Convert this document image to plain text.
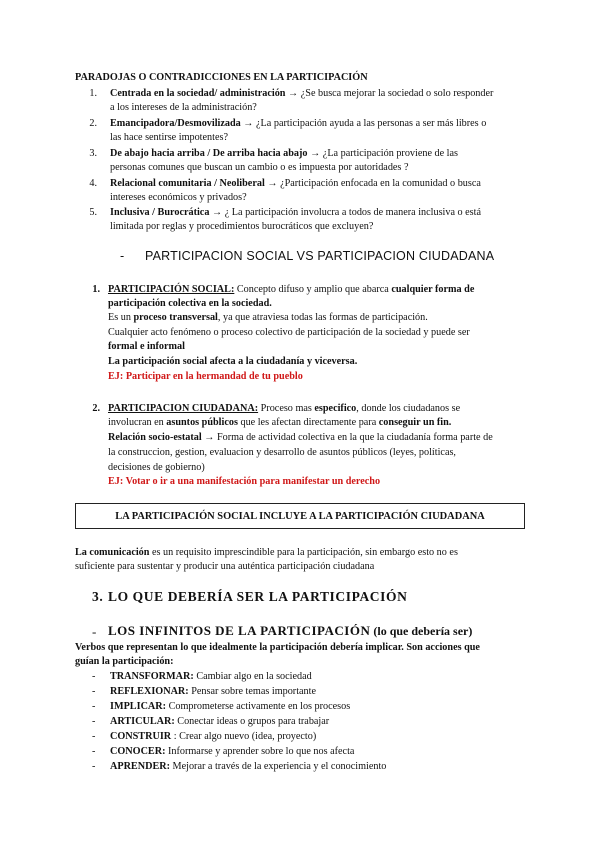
PARADOJAS O CONTRADICCIONES EN LA PARTICIPACIÓN
1. Centrada en la sociedad/ administración → ¿Se busca mejorar la sociedad o solo responder
a los intereses de la administración?
2. Emancipadora/Desmovilizada → ¿La participación ayuda a las personas a ser más libres o
las hace sentirse impotentes?
3. De abajo hacia arriba / De arriba hacia abajo → ¿La participación proviene de las
personas comunes que buscan un cambio o es impuesta por autoridades ?
4. Relacional comunitaria / Neoliberal → ¿Participación enfocada en la comunidad o busca
intereses económicos y privados?
5. Inclusiva / Burocrática → ¿ La participación involucra a todos de manera inclusiva o está
limitada por reglas y procedimientos burocráticos que excluyen?
- PARTICIPACION SOCIAL VS PARTICIPACION CIUDADANA
1. PARTICIPACIÓN SOCIAL: Concepto difuso y amplio que abarca cualquier forma de
participación colectiva en la sociedad.
Es un proceso transversal, ya que atraviesa todas las formas de participación.
Cualquier acto fenómeno o proceso colectivo de participación de la sociedad y puede ser
formal e informal
La participación social afecta a la ciudadanía y viceversa.
EJ: Participar en la hermandad de tu pueblo
2. PARTICIPACION CIUDADANA: Proceso mas especifico, donde los ciudadanos se
involucran en asuntos públicos que les afectan directamente para conseguir un fin.
Relación socio-estatal → Forma de actividad colectiva en la que la ciudadanía forma parte de
la construccion, gestion, evaluacion y desarrollo de asuntos públicos (leyes, políticas,
decisiones de gobierno)
EJ: Votar o ir a una manifestación para manifestar un derecho
LA PARTICIPACIÓN SOCIAL INCLUYE A LA PARTICIPACIÓN CIUDADANA
La comunicación es un requisito imprescindible para la participación, sin embargo esto no es
suficiente para sustentar y producir una auténtica participación ciudadana
3. LO QUE DEBERÍA SER LA PARTICIPACIÓN
- LOS INFINITOS DE LA PARTICIPACIÓN (lo que debería ser)
Verbos que representan lo que idealmente la participación debería implicar. Son acciones que
guían la participación:
-	TRANSFORMAR: Cambiar algo en la sociedad
-	REFLEXIONAR: Pensar sobre temas importante
-	IMPLICAR: Comprometerse activamente en los procesos
-	ARTICULAR: Conectar ideas o grupos para trabajar
-	CONSTRUIR : Crear algo nuevo (idea, proyecto)
-	CONOCER: Informarse y aprender sobre lo que nos afecta
-	APRENDER: Mejorar a través de la experiencia y el conocimiento
